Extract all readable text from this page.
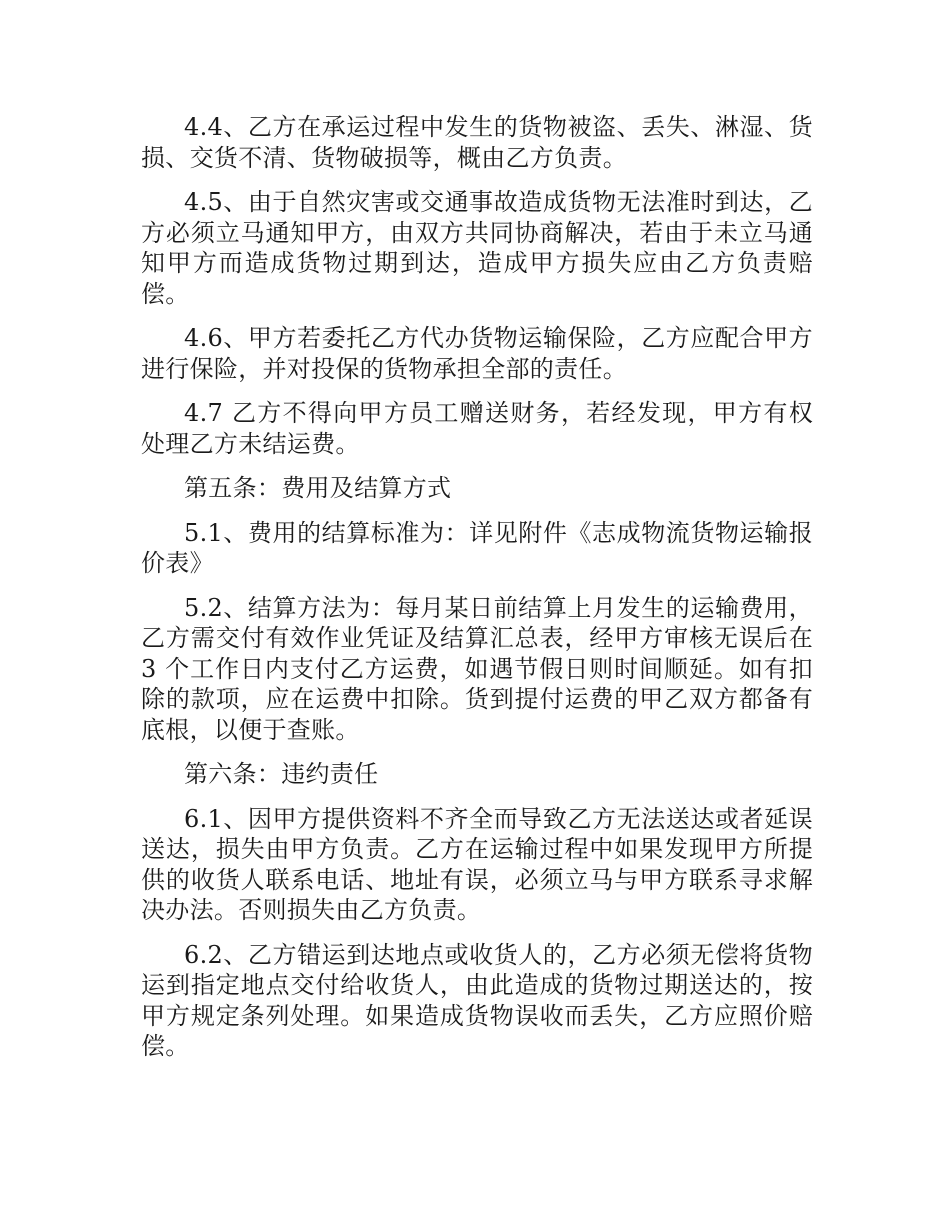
4.4、乙方在承运过程中发生的货物被盗、丢失、淋湿、货损、交货不清、货物破损等，概由乙方负责。

4.5、由于自然灾害或交通事故造成货物无法准时到达，乙方必须立马通知甲方，由双方共同协商解决，若由于未立马通知甲方而造成货物过期到达，造成甲方损失应由乙方负责赔偿。

4.6、甲方若委托乙方代办货物运输保险，乙方应配合甲方进行保险，并对投保的货物承担全部的责任。

4.7 乙方不得向甲方员工赠送财务，若经发现，甲方有权处理乙方未结运费。

第五条：费用及结算方式

5.1、费用的结算标准为：详见附件《志成物流货物运输报价表》

5.2、结算方法为：每月某日前结算上月发生的运输费用，乙方需交付有效作业凭证及结算汇总表，经甲方审核无误后在 3 个工作日内支付乙方运费，如遇节假日则时间顺延。如有扣除的款项，应在运费中扣除。货到提付运费的甲乙双方都备有底根，以便于查账。

第六条：违约责任

6.1、因甲方提供资料不齐全而导致乙方无法送达或者延误送达，损失由甲方负责。乙方在运输过程中如果发现甲方所提供的收货人联系电话、地址有误，必须立马与甲方联系寻求解决办法。否则损失由乙方负责。

6.2、乙方错运到达地点或收货人的，乙方必须无偿将货物运到指定地点交付给收货人，由此造成的货物过期送达的，按甲方规定条列处理。如果造成货物误收而丢失，乙方应照价赔偿。
